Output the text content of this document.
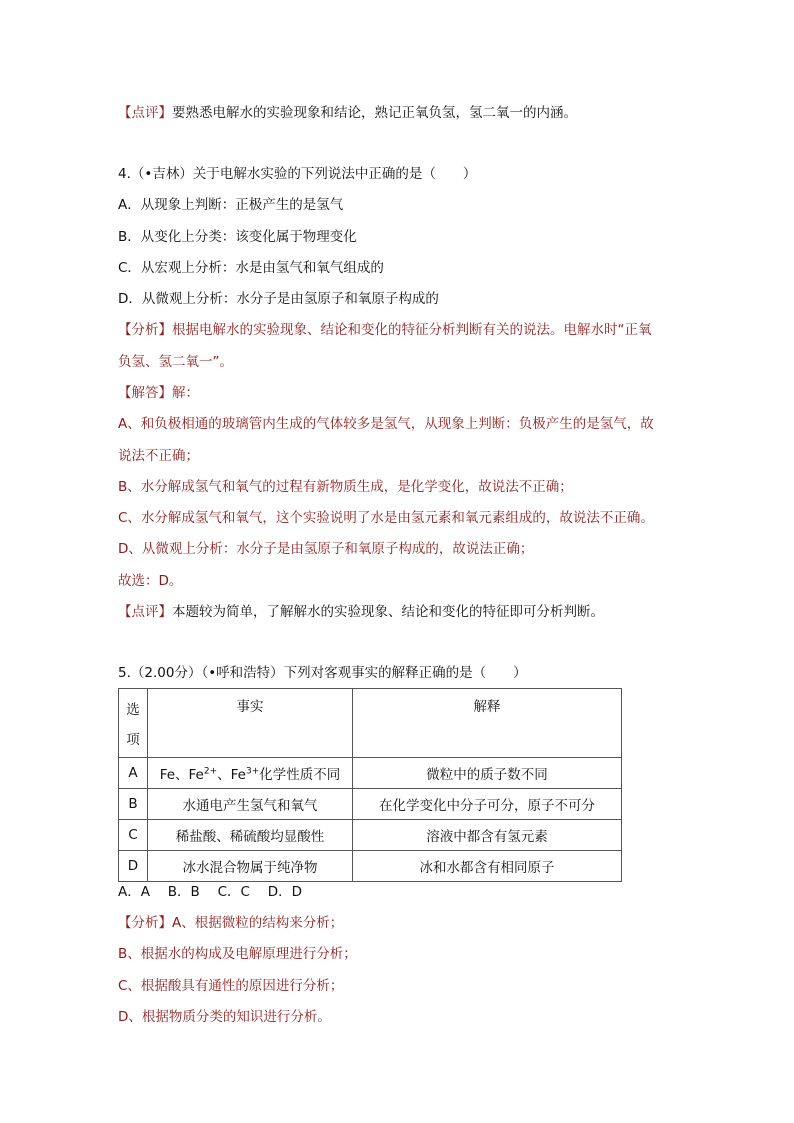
【点评】要熟悉电解水的实验现象和结论，熟记正氧负氢，氢二氧一的内涵。
4.（•吉林）关于电解水实验的下列说法中正确的是（　　）
A．从现象上判断：正极产生的是氢气
B．从变化上分类：该变化属于物理变化
C．从宏观上分析：水是由氢气和氧气组成的
D．从微观上分析：水分子是由氢原子和氧原子构成的
【分析】根据电解水的实验现象、结论和变化的特征分析判断有关的说法。电解水时“正氧
负氢、氢二氧一”。
【解答】解：
A、和负极相通的玻璃管内生成的气体较多是氢气，从现象上判断：负极产生的是氢气，故
说法不正确；
B、水分解成氢气和氧气的过程有新物质生成，是化学变化，故说法不正确；
C、水分解成氢气和氧气，这个实验说明了水是由氢元素和氧元素组成的，故说法不正确。
D、从微观上分析：水分子是由氢原子和氧原子构成的，故说法正确；
故选：D。
【点评】本题较为简单，了解解水的实验现象、结论和变化的特征即可分析判断。
5.（2.00分）（•呼和浩特）下列对客观事实的解释正确的是（　　）
选
项	事实	解释
A	Fe、$Fe^{2+}$、$Fe^{3+}$化学性质不同	微粒中的质子数不同
B	水通电产生氢气和氧气	在化学变化中分子可分，原子不可分
C	稀盐酸、稀硫酸均显酸性	溶液中都含有氢元素
D	冰水混合物属于纯净物	冰和水都含有相同原子
A．A　 B．B　 C．C　 D．D
【分析】A、根据微粒的结构来分析；
B、根据水的构成及电解原理进行分析；
C、根据酸具有通性的原因进行分析；
D、根据物质分类的知识进行分析。
